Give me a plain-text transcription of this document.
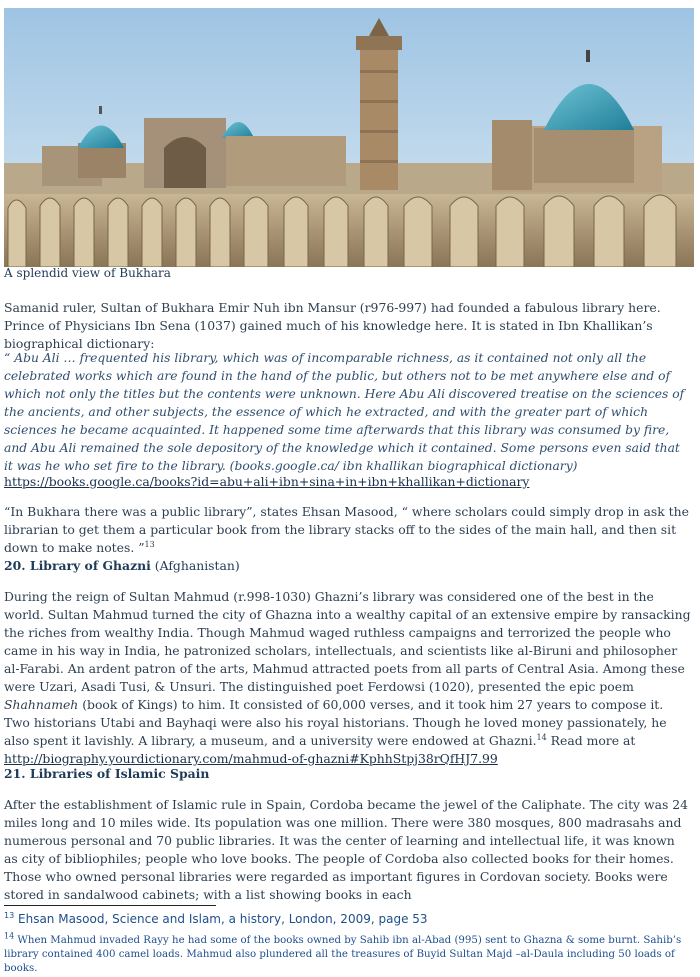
A splendid view of Bukhara
Samanid ruler, Sultan of Bukhara Emir Nuh ibn Mansur (r976-997) had founded a fabulous library here. Prince of Physicians Ibn Sena (1037) gained much of his knowledge here. It is stated in Ibn Khallikan’s biographical dictionary:
“ Abu Ali … frequented his library, which was of incomparable richness, as it contained not only all the celebrated works which are found in the hand of the public, but others not to be met anywhere else and of which not only the titles but the contents were unknown. Here Abu Ali discovered treatise on the sciences of the ancients, and other subjects, the essence of which he extracted, and with the greater part of which sciences he became acquainted. It happened some time afterwards that this library was consumed by fire, and Abu Ali remained the sole depository of the knowledge which it contained. Some persons even said that it was he who set fire to the library. (books.google.ca/ ibn khallikan biographical dictionary)
https://books.google.ca/books?id=abu+ali+ibn+sina+in+ibn+khallikan+dictionary
“In Bukhara there was a public library”, states Ehsan Masood, “ where scholars could simply drop in ask the librarian to get them a particular book from the library stacks off to the sides of the main hall, and then sit down to make notes. ”$^{13}$
20. Library of Ghazni (Afghanistan)
During the reign of Sultan Mahmud (r.998-1030) Ghazni’s library was considered one of the best in the world. Sultan Mahmud turned the city of Ghazna into a wealthy capital of an extensive empire by ransacking the riches from wealthy India. Though Mahmud waged ruthless campaigns and terrorized the people who came in his way in India, he patronized scholars, intellectuals, and scientists like al-Biruni and philosopher al-Farabi. An ardent patron of the arts, Mahmud attracted poets from all parts of Central Asia. Among these were Uzari, Asadi Tusi, & Unsuri. The distinguished poet Ferdowsi (1020), presented the epic poem Shahnameh (book of Kings) to him. It consisted of 60,000 verses, and it took him 27 years to compose it. Two historians Utabi and Bayhaqi were also his royal historians. Though he loved money passionately, he also spent it lavishly. A library, a museum, and a university were endowed at Ghazni.$^{14}$ Read more at
http://biography.yourdictionary.com/mahmud-of-ghazni#KphhStpj38rQfHJ7.99
21. Libraries of Islamic Spain
After the establishment of Islamic rule in Spain, Cordoba became the jewel of the Caliphate. The city was 24 miles long and 10 miles wide. Its population was one million. There were 380 mosques, 800 madrasahs and numerous personal and 70 public libraries. It was the center of learning and intellectual life, it was known as city of bibliophiles; people who love books. The people of Cordoba also collected books for their homes. Those who owned personal libraries were regarded as important figures in Cordovan society. Books were stored in sandalwood cabinets; with a list showing books in each
$^{13}$ Ehsan Masood, Science and Islam, a history, London, 2009, page 53
$^{14}$ When Mahmud invaded Rayy he had some of the books owned by Sahib ibn al-Abad (995) sent to Ghazna & some burnt. Sahib’s library contained 400 camel loads. Mahmud also plundered all the treasures of Buyid Sultan Majd –al-Daula including 50 loads of books.
